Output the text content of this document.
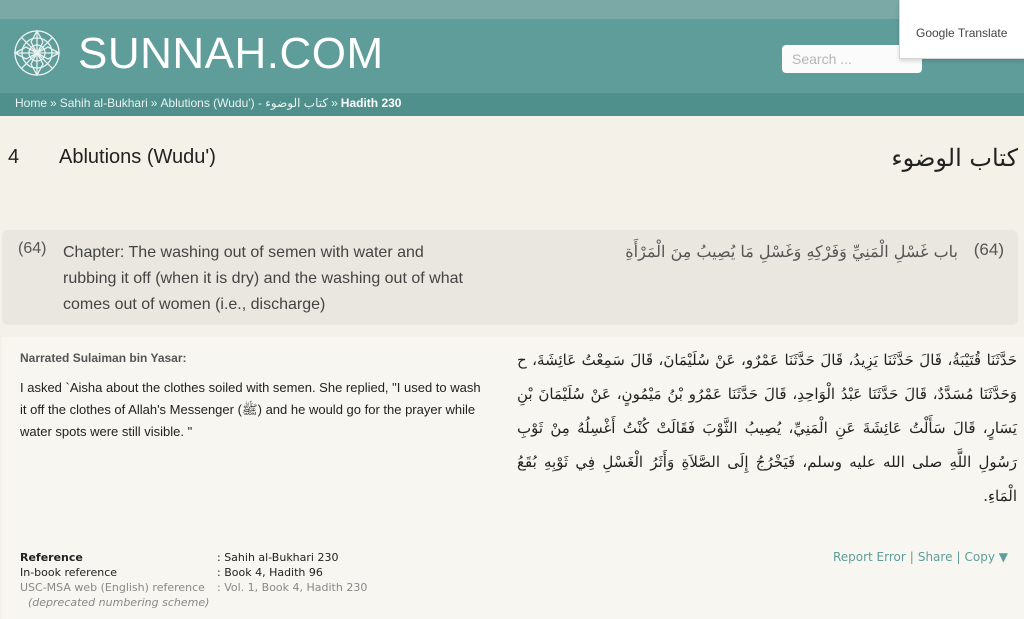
SUNNAH.COM
Search ...	Google Translate
Home » Sahih al-Bukhari » Ablutions (Wudu') - كتاب الوضوء » Hadith 230
4 Ablutions (Wudu')	كتاب الوضوء
(64) Chapter: The washing out of semen with water and rubbing it off (when it is dry) and the washing out of what comes out of women (i.e., discharge)
(64)
باب غَسْلِ الْمَنِيِّ وَفَرْكِهِ وَغَسْلِ مَا يُصِيبُ مِنَ الْمَرْأَةِ
Narrated Sulaiman bin Yasar:
I asked `Aisha about the clothes soiled with semen. She replied, "I used to wash it off the clothes of Allah's Messenger (ﷺ) and he would go for the prayer while water spots were still visible. "
حَدَّثَنَا قُتَيْبَةُ، قَالَ حَدَّثَنَا يَزِيدُ، قَالَ حَدَّثَنَا عَمْرٌو، عَنْ سُلَيْمَانَ، قَالَ سَمِعْتُ عَائِشَةَ، ح وَحَدَّثَنَا مُسَدَّدٌ، قَالَ حَدَّثَنَا عَبْدُ الْوَاحِدِ، قَالَ حَدَّثَنَا عَمْرُو بْنُ مَيْمُونٍ، عَنْ سُلَيْمَانَ بْنِ يَسَارٍ، قَالَ سَأَلْتُ عَائِشَةَ عَنِ الْمَنِيِّ، يُصِيبُ الثَّوْبَ فَقَالَتْ كُنْتُ أَغْسِلُهُ مِنْ ثَوْبِ رَسُولِ اللَّهِ صلى الله عليه وسلم، فَيَخْرُجُ إِلَى الصَّلاَةِ وَأَثَرُ الْغَسْلِ فِي ثَوْبِهِ بُقَعُ الْمَاءِ.
Reference	: Sahih al-Bukhari 230
In-book reference	: Book 4, Hadith 96
USC-MSA web (English) reference : Vol. 1, Book 4, Hadith 230
(deprecated numbering scheme)
Report Error | Share | Copy ▼
